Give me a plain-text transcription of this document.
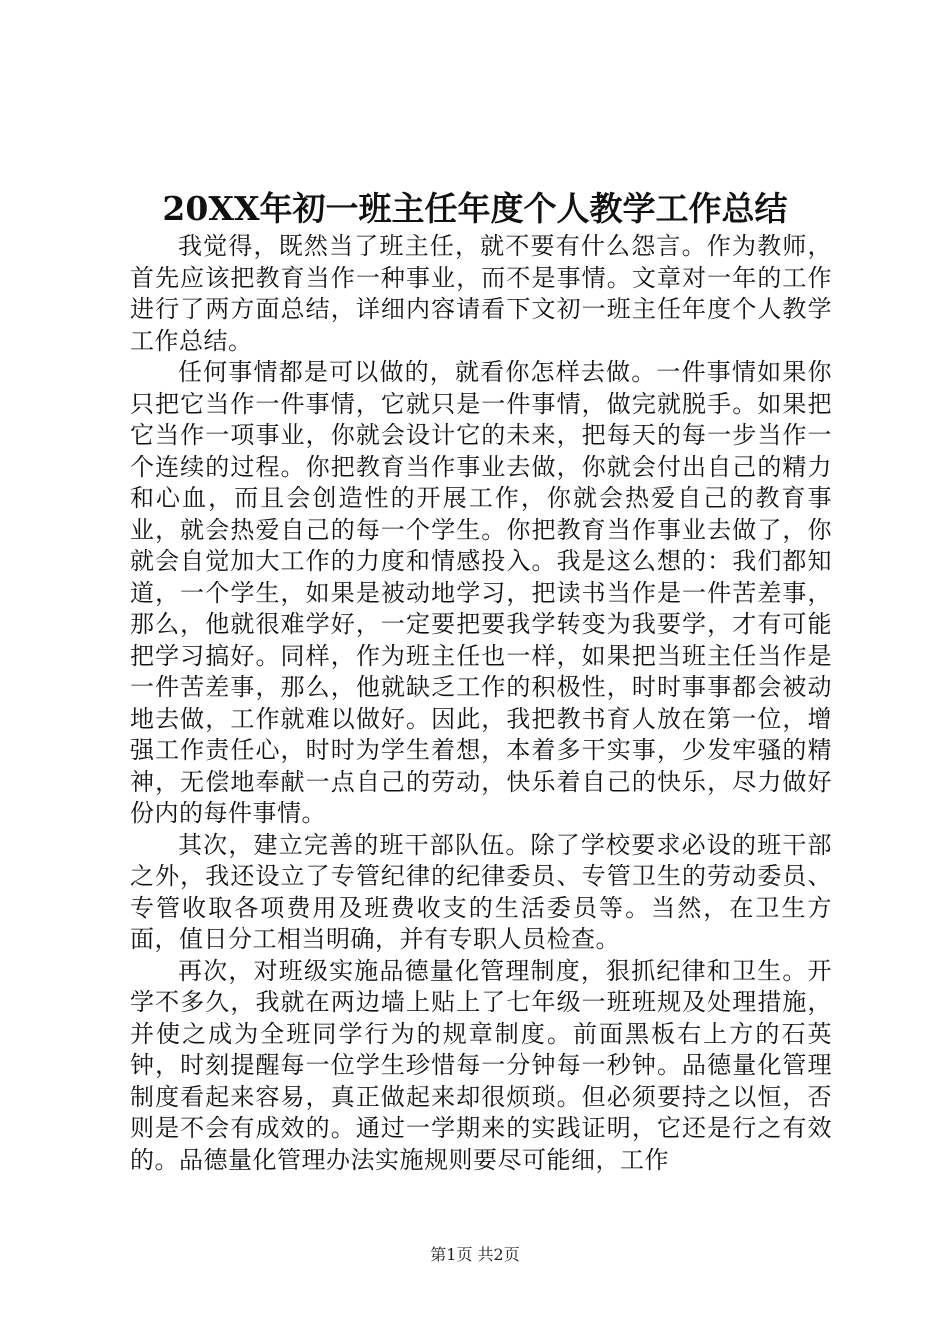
20XX年初一班主任年度个人教学工作总结

我觉得，既然当了班主任，就不要有什么怨言。作为教师，首先应该把教育当作一种事业，而不是事情。文章对一年的工作进行了两方面总结，详细内容请看下文初一班主任年度个人教学工作总结。

任何事情都是可以做的，就看你怎样去做。一件事情如果你只把它当作一件事情，它就只是一件事情，做完就脱手。如果把它当作一项事业，你就会设计它的未来，把每天的每一步当作一个连续的过程。你把教育当作事业去做，你就会付出自己的精力和心血，而且会创造性的开展工作，你就会热爱自己的教育事业，就会热爱自己的每一个学生。你把教育当作事业去做了，你就会自觉加大工作的力度和情感投入。我是这么想的：我们都知道，一个学生，如果是被动地学习，把读书当作是一件苦差事，那么，他就很难学好，一定要把要我学转变为我要学，才有可能把学习搞好。同样，作为班主任也一样，如果把当班主任当作是一件苦差事，那么，他就缺乏工作的积极性，时时事事都会被动地去做，工作就难以做好。因此，我把教书育人放在第一位，增强工作责任心，时时为学生着想，本着多干实事，少发牢骚的精神，无偿地奉献一点自己的劳动，快乐着自己的快乐，尽力做好份内的每件事情。

其次，建立完善的班干部队伍。除了学校要求必设的班干部之外，我还设立了专管纪律的纪律委员、专管卫生的劳动委员、专管收取各项费用及班费收支的生活委员等。当然，在卫生方面，值日分工相当明确，并有专职人员检查。

再次，对班级实施品德量化管理制度，狠抓纪律和卫生。开学不多久，我就在两边墙上贴上了七年级一班班规及处理措施，并使之成为全班同学行为的规章制度。前面黑板右上方的石英钟，时刻提醒每一位学生珍惜每一分钟每一秒钟。品德量化管理制度看起来容易，真正做起来却很烦琐。但必须要持之以恒，否则是不会有成效的。通过一学期来的实践证明，它还是行之有效的。品德量化管理办法实施规则要尽可能细，工作

第1页 共2页
